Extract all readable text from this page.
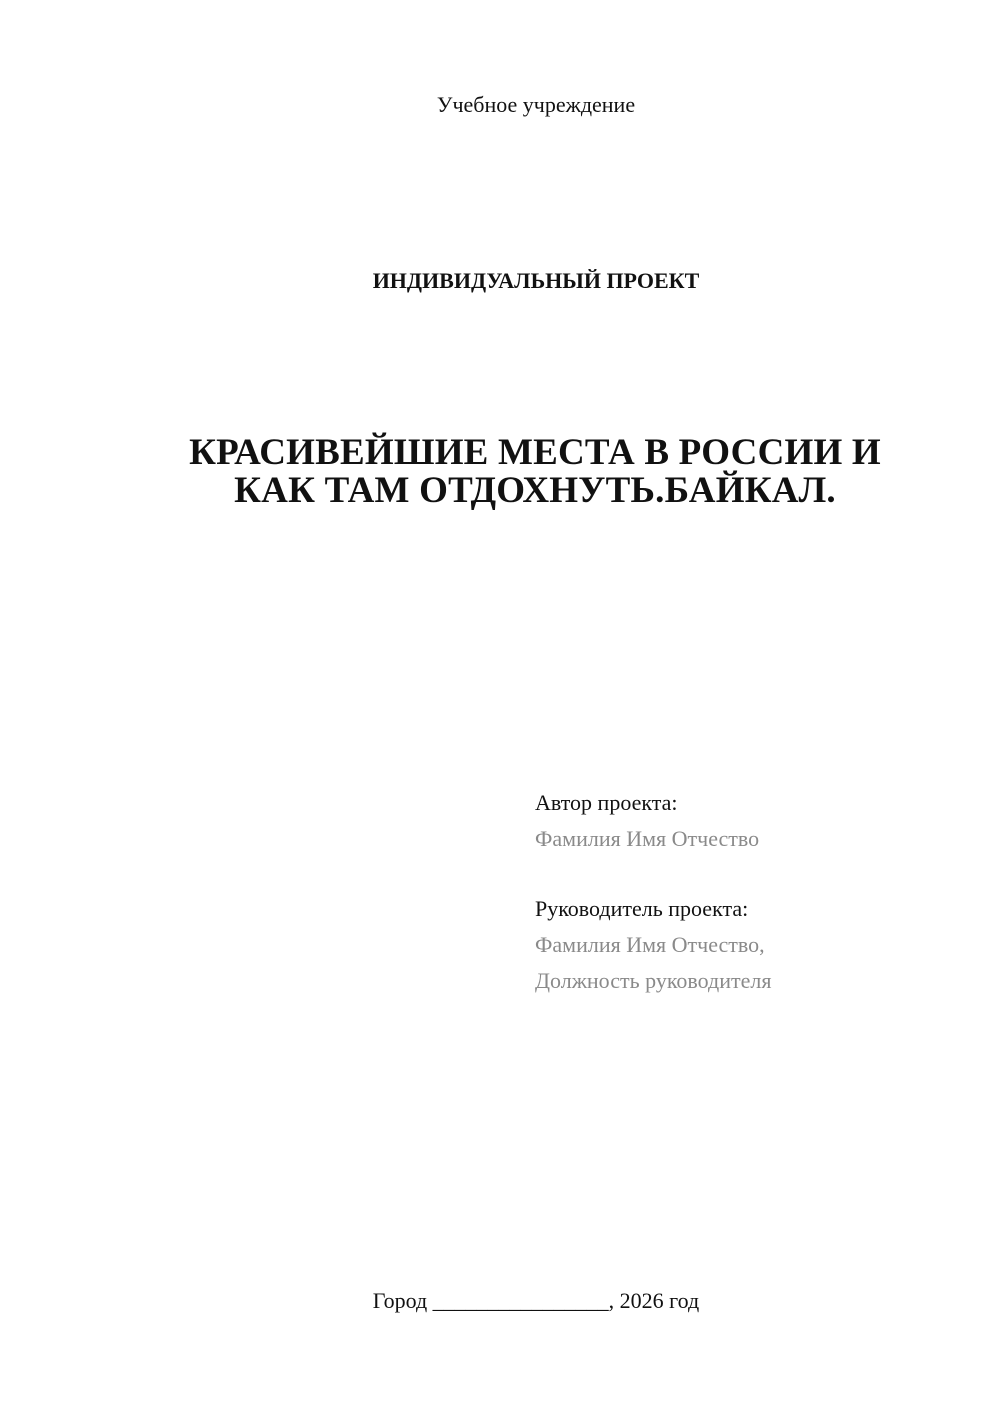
Учебное учреждение
ИНДИВИДУАЛЬНЫЙ ПРОЕКТ
КРАСИВЕЙШИЕ МЕСТА В РОССИИ И
КАК ТАМ ОТДОХНУТЬ.БАЙКАЛ.
Автор проекта:
Фамилия Имя Отчество
Руководитель проекта:
Фамилия Имя Отчество,
Должность руководителя
Город ________________, 2026 год
